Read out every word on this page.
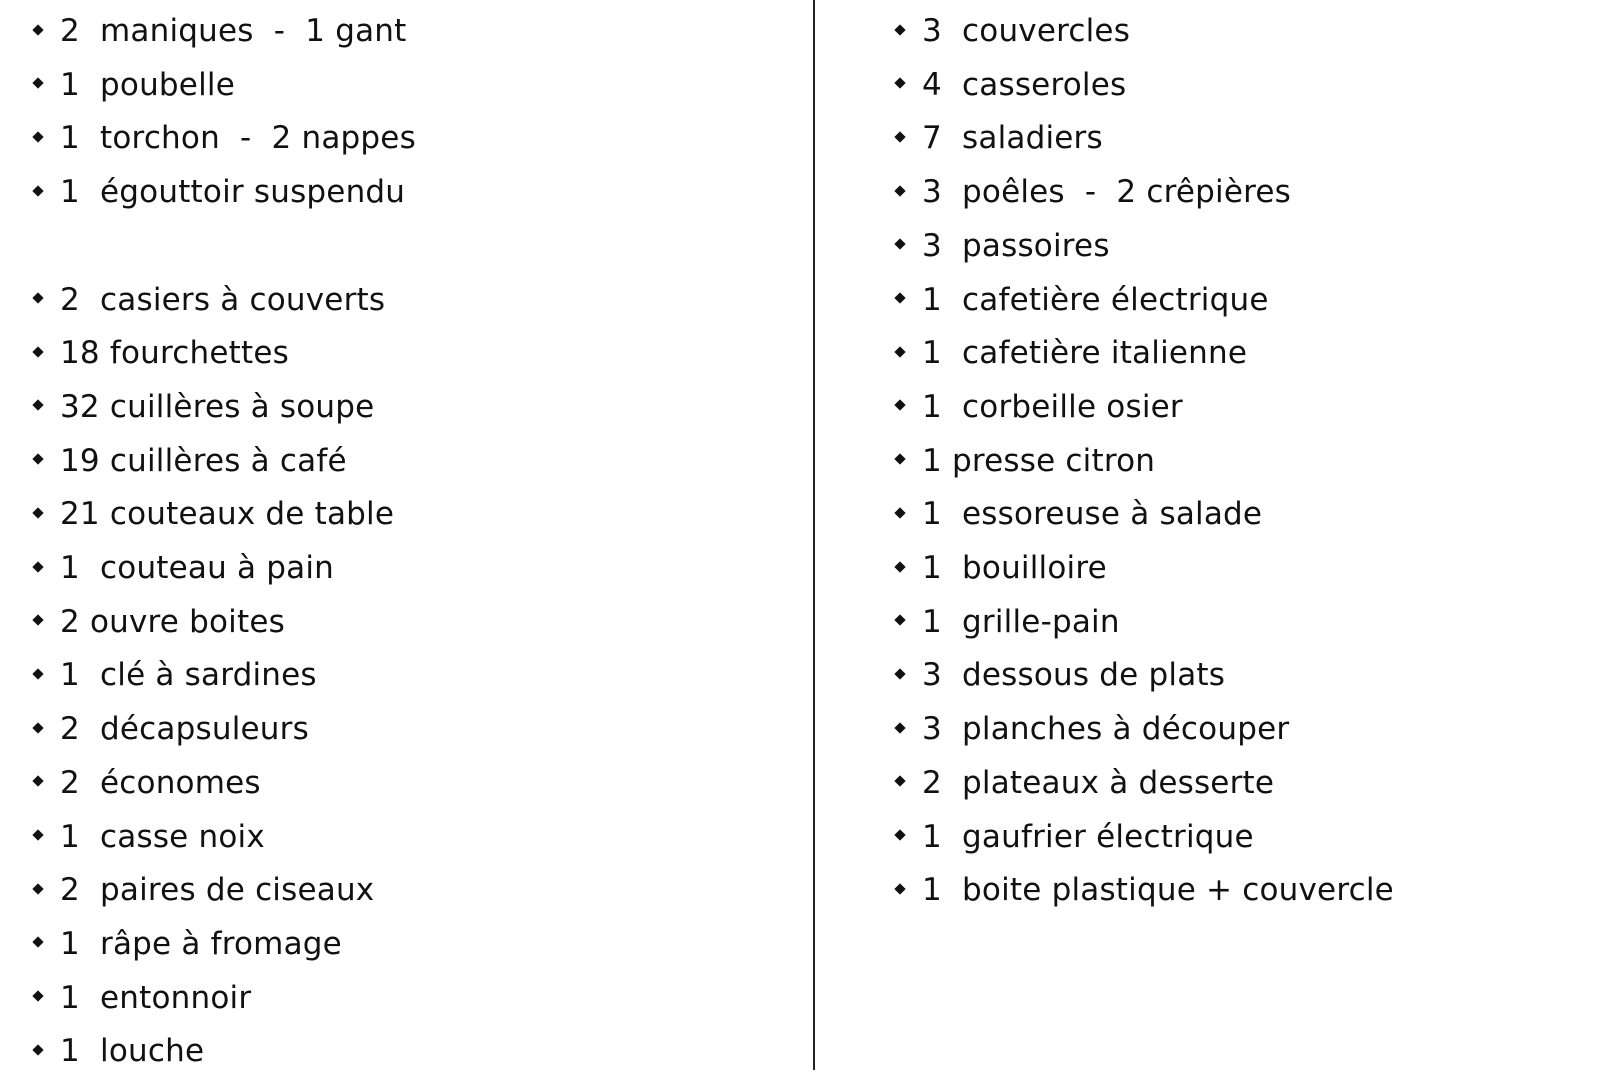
2  maniques  -  1 gant
1  poubelle
1  torchon  -  2 nappes
1  égouttoir suspendu
2  casiers à couverts
18 fourchettes
32 cuillères à soupe
19 cuillères à café
21 couteaux de table
1  couteau à pain
2 ouvre boites
1  clé à sardines
2  décapsuleurs
2  économes
1  casse noix
2  paires de ciseaux
1  râpe à fromage
1  entonnoir
1  louche
3  couvercles
4  casseroles
7  saladiers
3  poêles  -  2 crêpières
3  passoires
1  cafetière électrique
1  cafetière italienne
1  corbeille osier
1 presse citron
1  essoreuse à salade
1  bouilloire
1  grille-pain
3  dessous de plats
3  planches à découper
2  plateaux à desserte
1  gaufrier électrique
1  boite plastique + couvercle
